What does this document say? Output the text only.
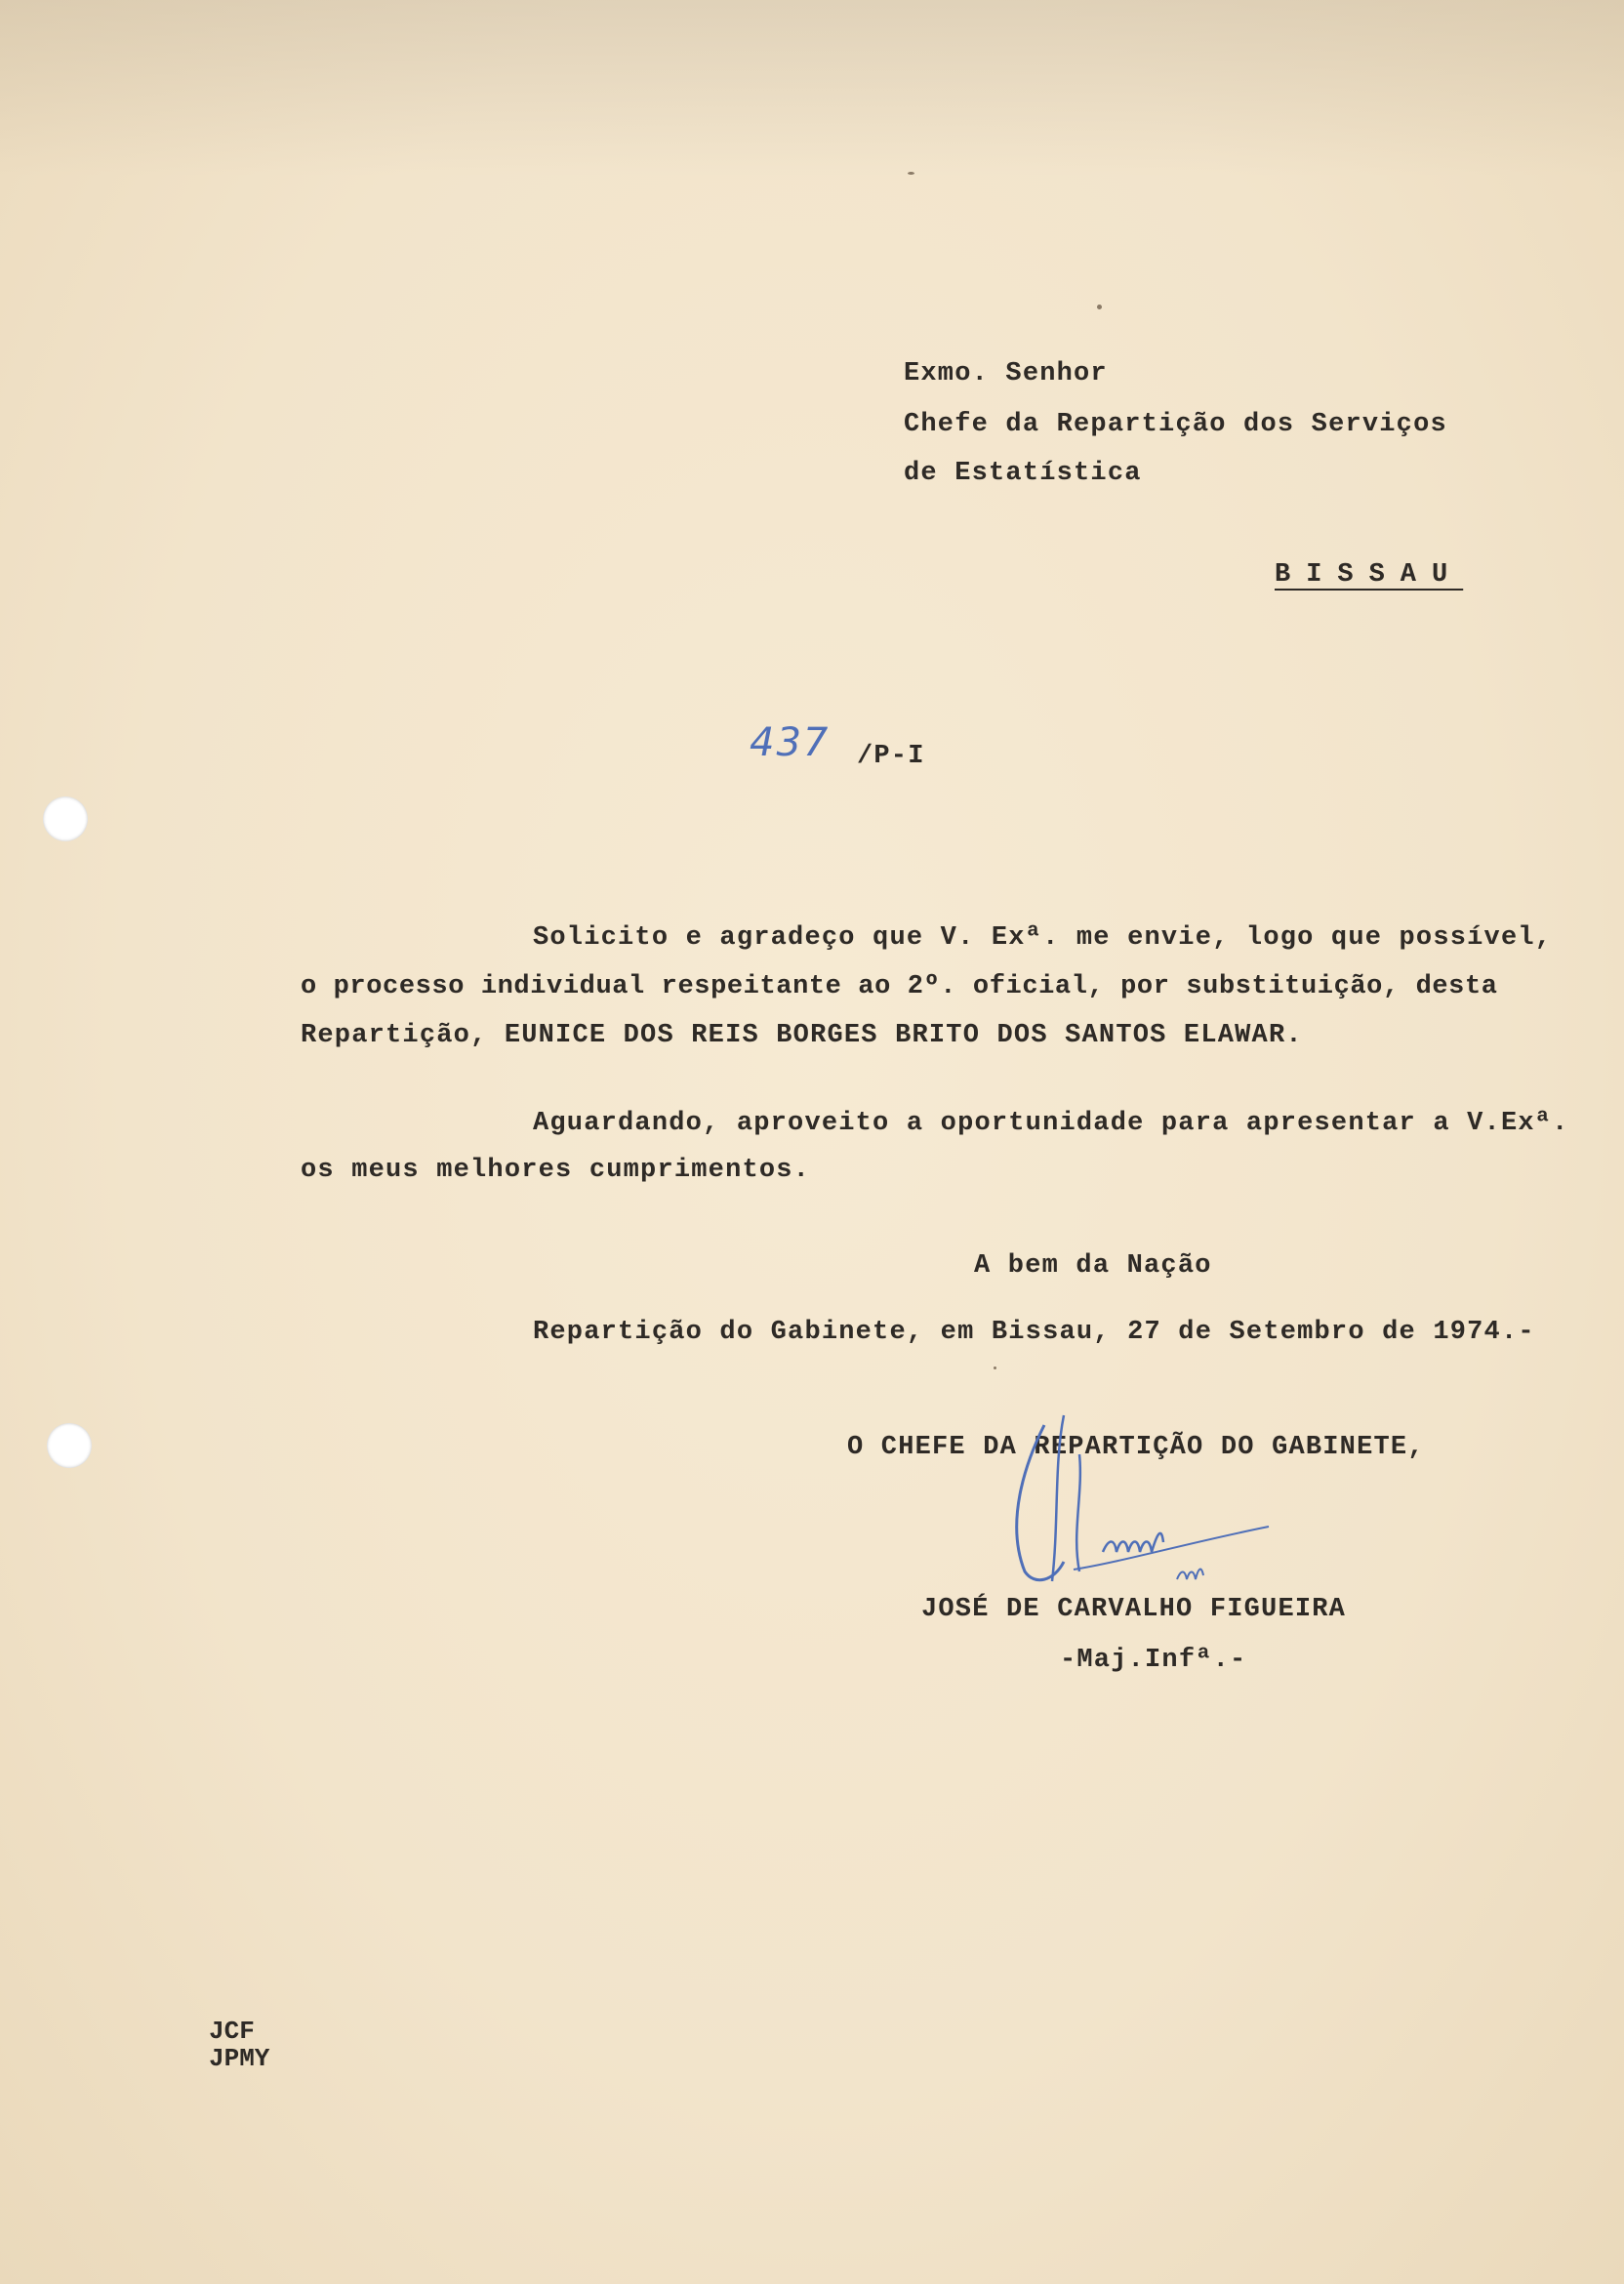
Exmo. Senhor
Chefe da Repartição dos Serviços
de Estatística
BISSAU
437 /P-I
Solicito e agradeço que V. Exª. me envie, logo que possível,
o processo individual respeitante ao 2º. oficial, por substituição, desta
Repartição, EUNICE DOS REIS BORGES BRITO DOS SANTOS ELAWAR.
Aguardando, aproveito a oportunidade para apresentar a V.Exª.
os meus melhores cumprimentos.
A bem da Nação
Repartição do Gabinete, em Bissau, 27 de Setembro de 1974.-
O CHEFE DA REPARTIÇÃO DO GABINETE,
JOSÉ DE CARVALHO FIGUEIRA
-Maj.Infª.-
JCF
JPMY
